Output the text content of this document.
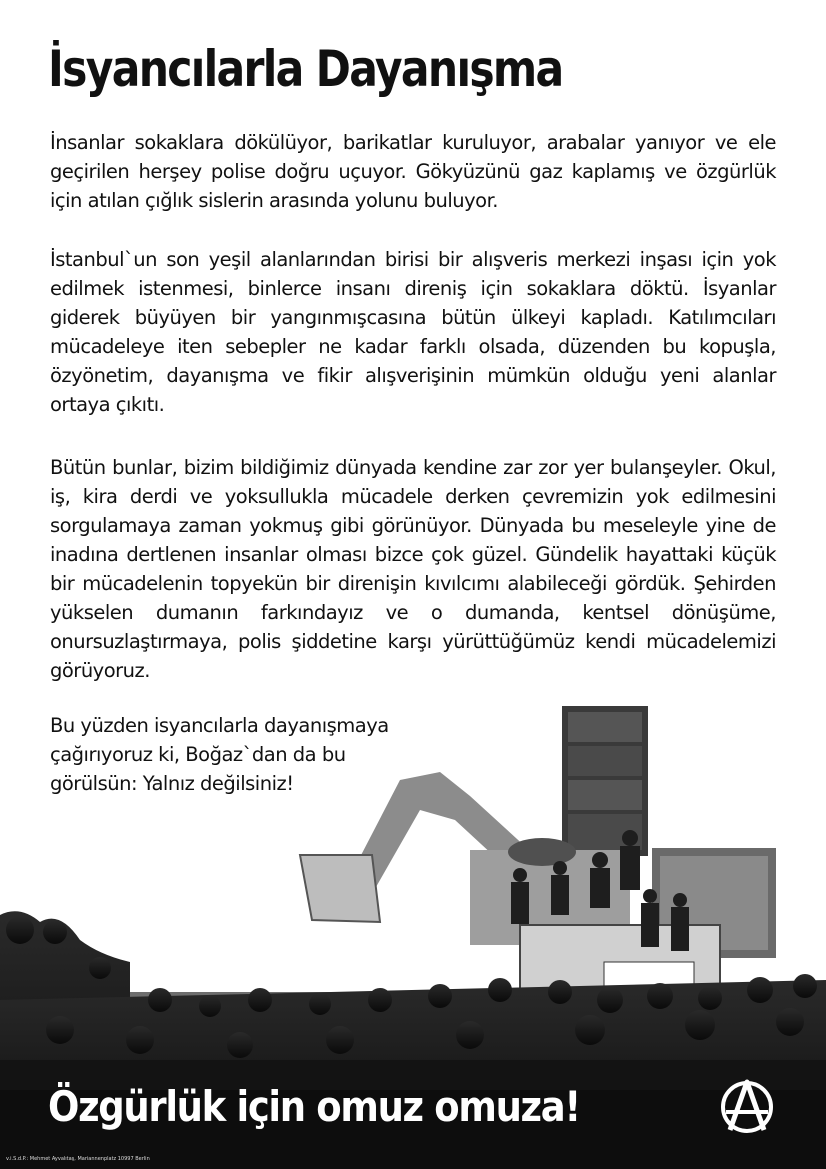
İsyancılarla Dayanışma

İnsanlar sokaklara dökülüyor, barikatlar kuruluyor, arabalar yanıyor ve ele geçirilen herşey polise doğru uçuyor. Gökyüzünü gaz kaplamış ve özgürlük için atılan çığlık sislerin arasında yolunu buluyor.

İstanbul`un son yeşil alanlarından birisi bir alışveris merkezi inşası için yok edilmek istenmesi, binlerce insanı direniş için sokaklara döktü. İsyanlar giderek büyüyen bir yangınmışcasına bütün ülkeyi kapladı. Katılımcıları mücadeleye iten sebepler ne kadar farklı olsada, düzenden bu kopuşla, özyönetim, dayanışma ve fikir alışverişinin mümkün olduğu yeni alanlar ortaya çıkıtı.

Bütün bunlar, bizim bildiğimiz dünyada kendine zar zor yer bulanşeyler. Okul, iş, kira derdi ve yoksullukla mücadele derken çevremizin yok edilmesini sorgulamaya zaman yokmuş gibi görünüyor. Dünyada bu meseleyle yine de inadına dertlenen insanlar olması bizce çok güzel. Gündelik hayattaki küçük bir mücadelenin topyekün bir direnişin kıvılcımı alabileceği gördük. Şehirden yükselen dumanın farkındayız ve o dumanda, kentsel dönüşüme, onursuzlaştırmaya, polis şiddetine karşı yürüttüğümüz kendi mücadelemizi görüyoruz.

Bu yüzden isyancılarla dayanışmaya çağırıyoruz ki, Boğaz`dan da bu görülsün: Yalnız değilsiniz!

Özgürlük için omuz omuza!
v.i.S.d.P.: Mehmet Ayvalıtaş, Mariannenplatz 10997 Berlin
